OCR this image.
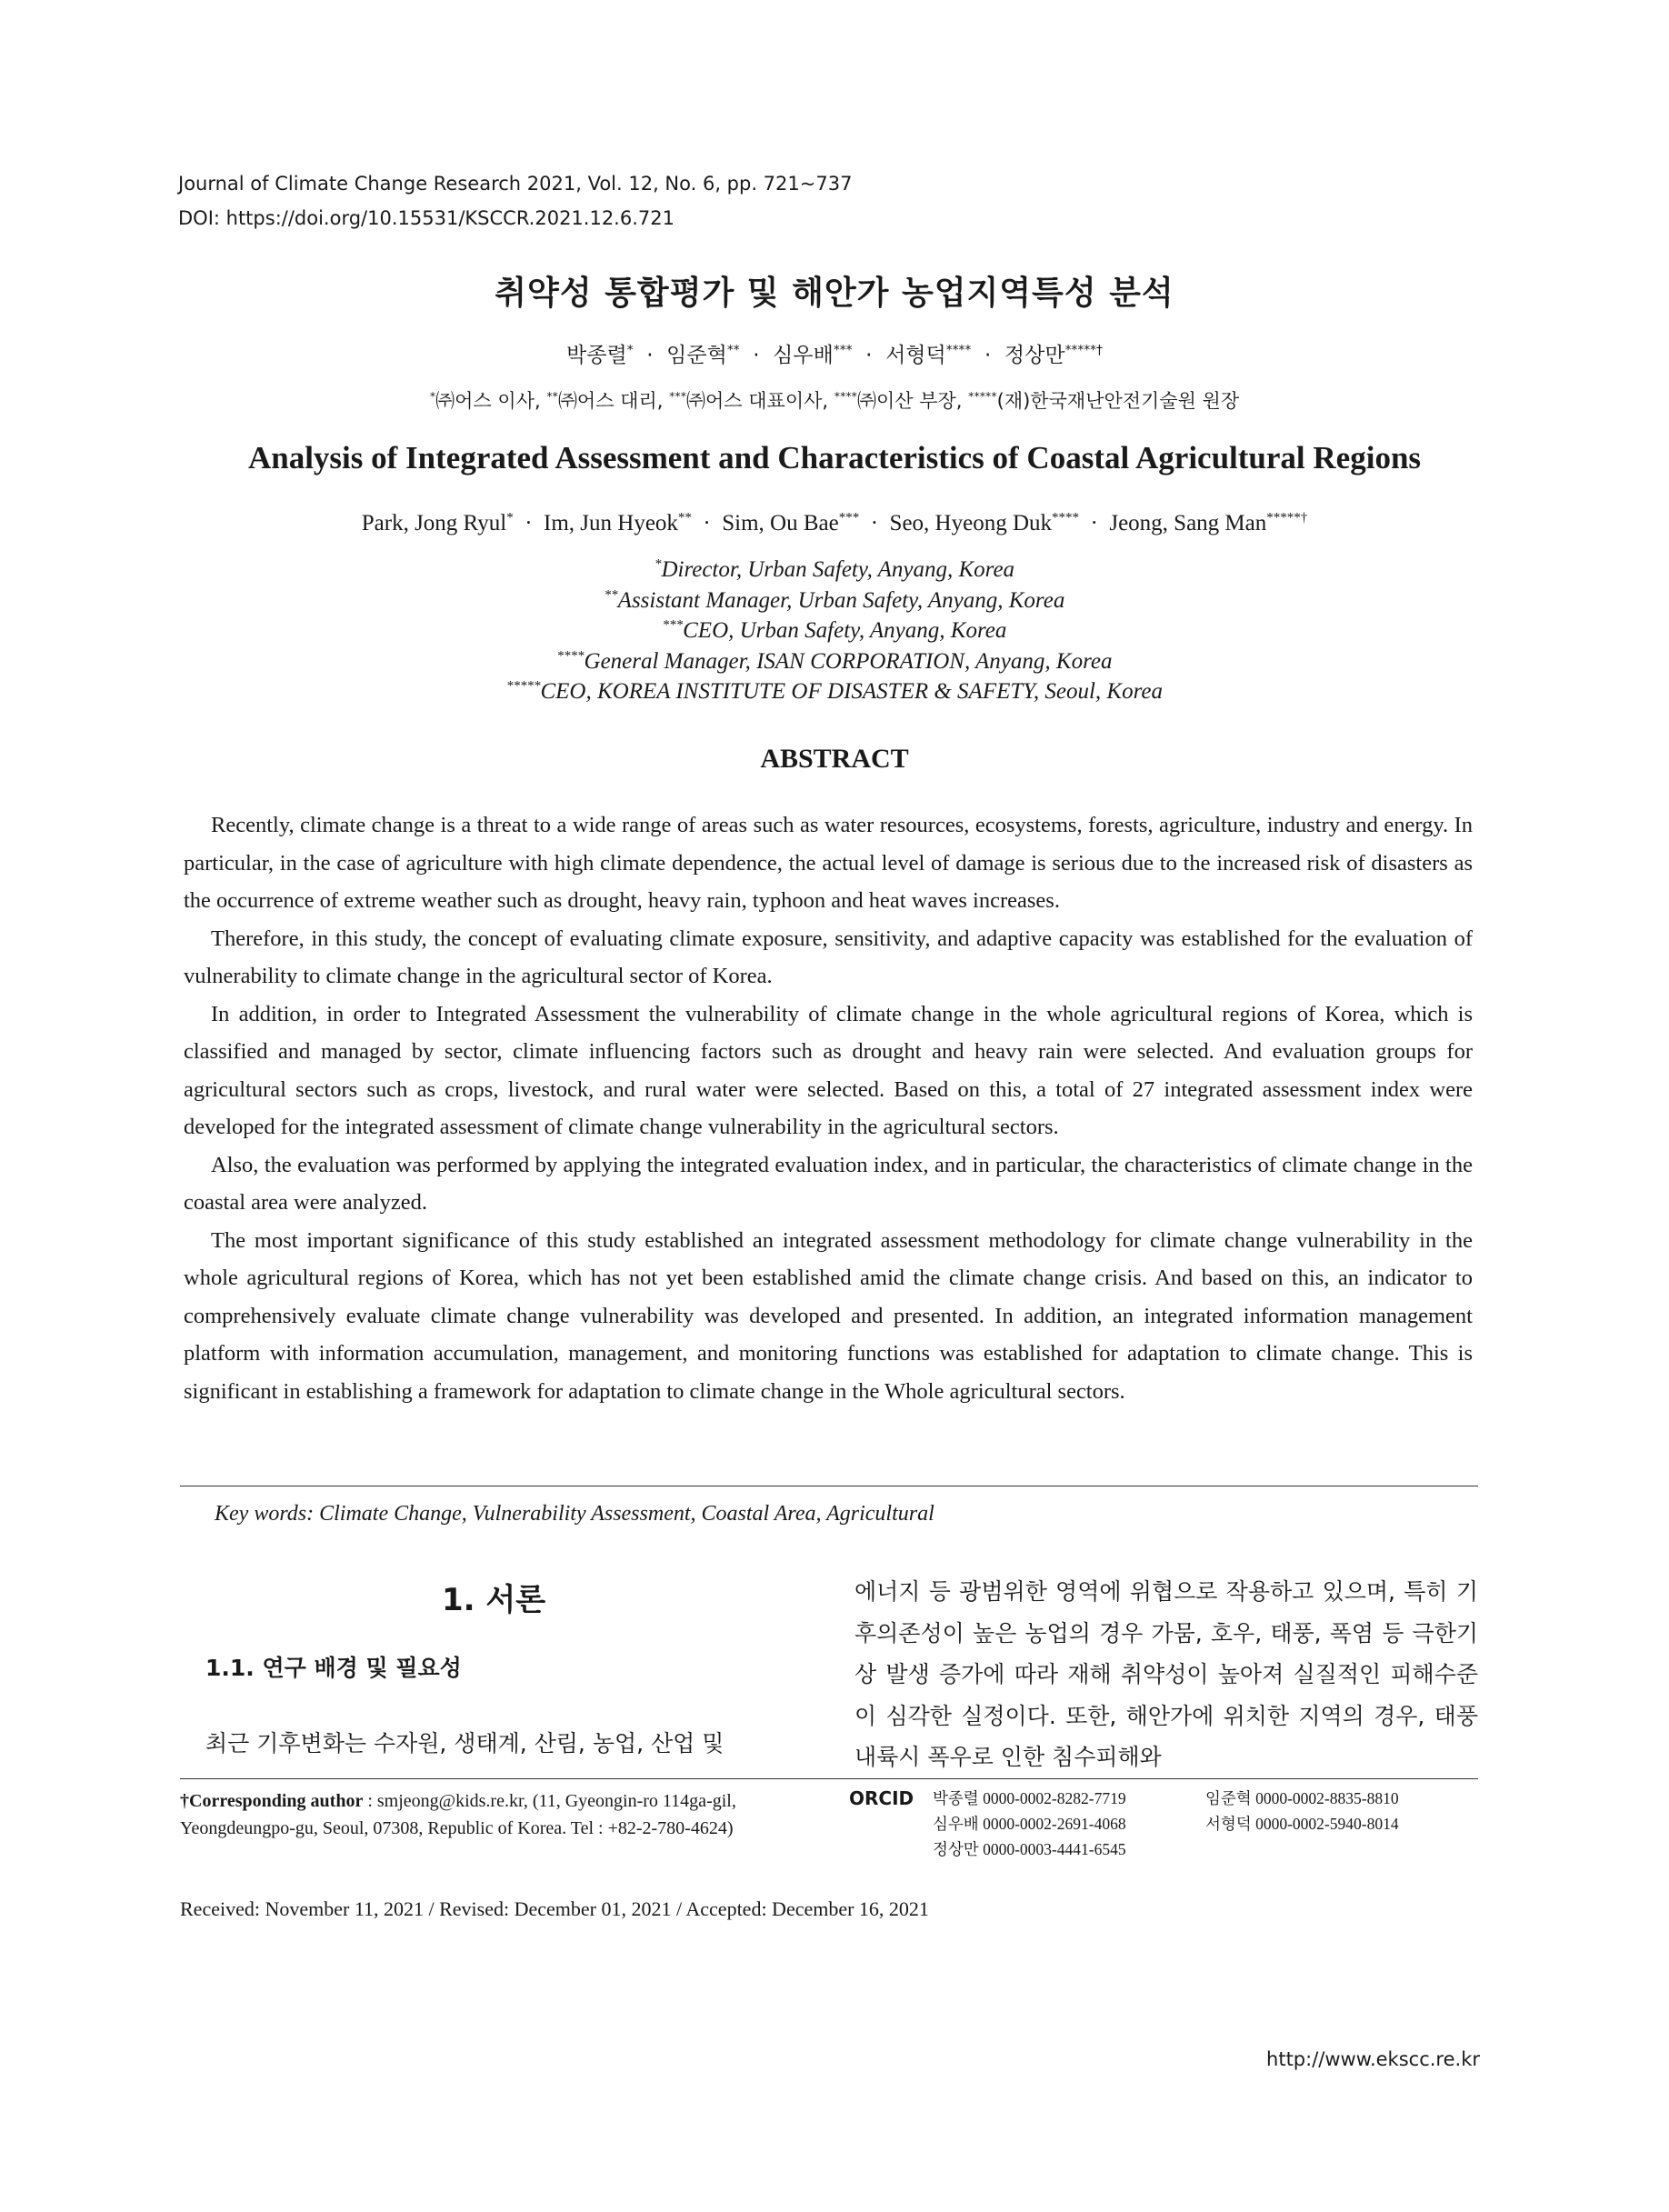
Journal of Climate Change Research 2021, Vol. 12, No. 6, pp. 721~737
DOI: https://doi.org/10.15531/KSCCR.2021.12.6.721
취약성 통합평가 및 해안가 농업지역특성 분석
박종렬*  ·  임준혁**  ·  심우배***  ·  서형덕****  ·  정상만*****†
*㈜어스 이사, **㈜어스 대리, ***㈜어스 대표이사, ****㈜이산 부장, *****(재)한국재난안전기술원 원장
Analysis of Integrated Assessment and Characteristics of Coastal Agricultural Regions
Park, Jong Ryul*  ·  Im, Jun Hyeok**  ·  Sim, Ou Bae***  ·  Seo, Hyeong Duk****  ·  Jeong, Sang Man*****†
*Director, Urban Safety, Anyang, Korea
**Assistant Manager, Urban Safety, Anyang, Korea
***CEO, Urban Safety, Anyang, Korea
****General Manager, ISAN CORPORATION, Anyang, Korea
*****CEO, KOREA INSTITUTE OF DISASTER & SAFETY, Seoul, Korea
ABSTRACT

Recently, climate change is a threat to a wide range of areas such as water resources, ecosystems, forests, agriculture, industry and energy. In particular, in the case of agriculture with high climate dependence, the actual level of damage is serious due to the increased risk of disasters as the occurrence of extreme weather such as drought, heavy rain, typhoon and heat waves increases.

Therefore, in this study, the concept of evaluating climate exposure, sensitivity, and adaptive capacity was established for the evaluation of vulnerability to climate change in the agricultural sector of Korea.

In addition, in order to Integrated Assessment the vulnerability of climate change in the whole agricultural regions of Korea, which is classified and managed by sector, climate influencing factors such as drought and heavy rain were selected. And evaluation groups for agricultural sectors such as crops, livestock, and rural water were selected. Based on this, a total of 27 integrated assessment index were developed for the integrated assessment of climate change vulnerability in the agricultural sectors.

Also, the evaluation was performed by applying the integrated evaluation index, and in particular, the characteristics of climate change in the coastal area were analyzed.

The most important significance of this study established an integrated assessment methodology for climate change vulnerability in the whole agricultural regions of Korea, which has not yet been established amid the climate change crisis. And based on this, an indicator to comprehensively evaluate climate change vulnerability was developed and presented. In addition, an integrated information management platform with information accumulation, management, and monitoring functions was established for adaptation to climate change. This is significant in establishing a framework for adaptation to climate change in the Whole agricultural sectors.

Key words: Climate Change, Vulnerability Assessment, Coastal Area, Agricultural
1. 서론
1.1. 연구 배경 및 필요성

최근 기후변화는 수자원, 생태계, 산림, 농업, 산업 및

에너지 등 광범위한 영역에 위협으로 작용하고 있으며, 특히 기후의존성이 높은 농업의 경우 가뭄, 호우, 태풍, 폭염 등 극한기상 발생 증가에 따라 재해 취약성이 높아져 실질적인 피해수준이 심각한 실정이다. 또한, 해안가에 위치한 지역의 경우, 태풍 내륙시 폭우로 인한 침수피해와
†Corresponding author : smjeong@kids.re.kr, (11, Gyeongin-ro 114ga-gil, Yeongdeungpo-gu, Seoul, 07308, Republic of Korea. Tel : +82-2-780-4624)
ORCID 박종렬 0000-0002-8282-7719	임준혁 0000-0002-8835-8810
심우배 0000-0002-2691-4068	서형덕 0000-0002-5940-8014
정상만 0000-0003-4441-6545
Received: November 11, 2021 / Revised: December 01, 2021 / Accepted: December 16, 2021
http://www.ekscc.re.kr
